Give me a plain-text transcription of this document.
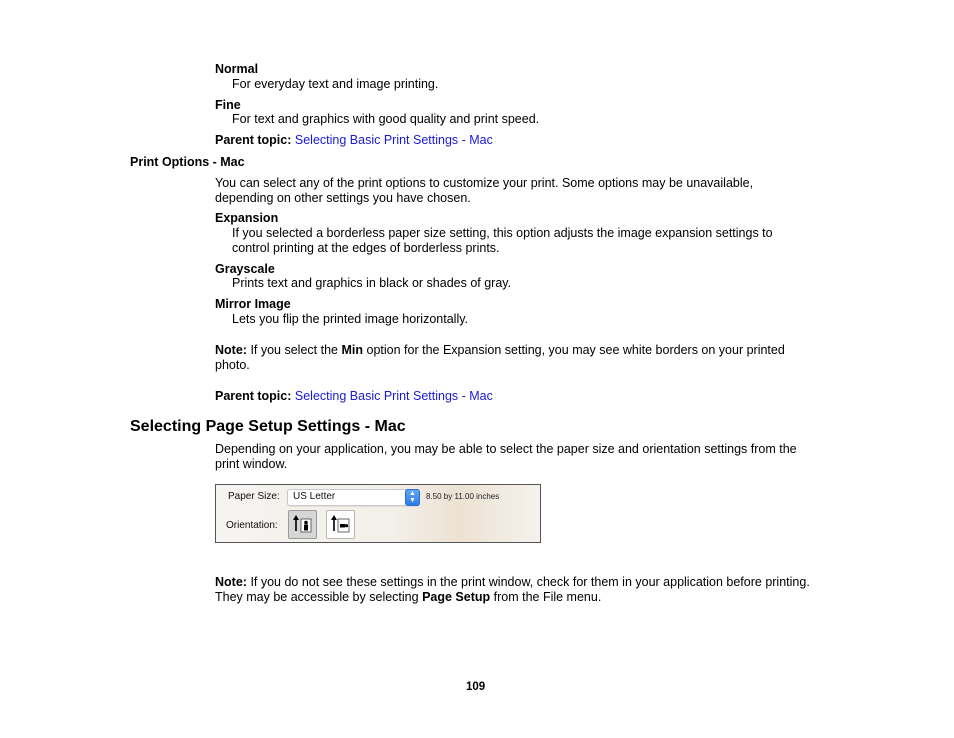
Normal
For everyday text and image printing.
Fine
For text and graphics with good quality and print speed.
Parent topic: Selecting Basic Print Settings - Mac
Print Options - Mac
You can select any of the print options to customize your print. Some options may be unavailable, depending on other settings you have chosen.
Expansion
If you selected a borderless paper size setting, this option adjusts the image expansion settings to control printing at the edges of borderless prints.
Grayscale
Prints text and graphics in black or shades of gray.
Mirror Image
Lets you flip the printed image horizontally.
Note: If you select the Min option for the Expansion setting, you may see white borders on your printed photo.
Parent topic: Selecting Basic Print Settings - Mac
Selecting Page Setup Settings - Mac
Depending on your application, you may be able to select the paper size and orientation settings from the print window.
Paper Size: US Letter	▲
▼	8.50 by 11.00 inches
Orientation:
Note: If you do not see these settings in the print window, check for them in your application before printing. They may be accessible by selecting Page Setup from the File menu.
109
